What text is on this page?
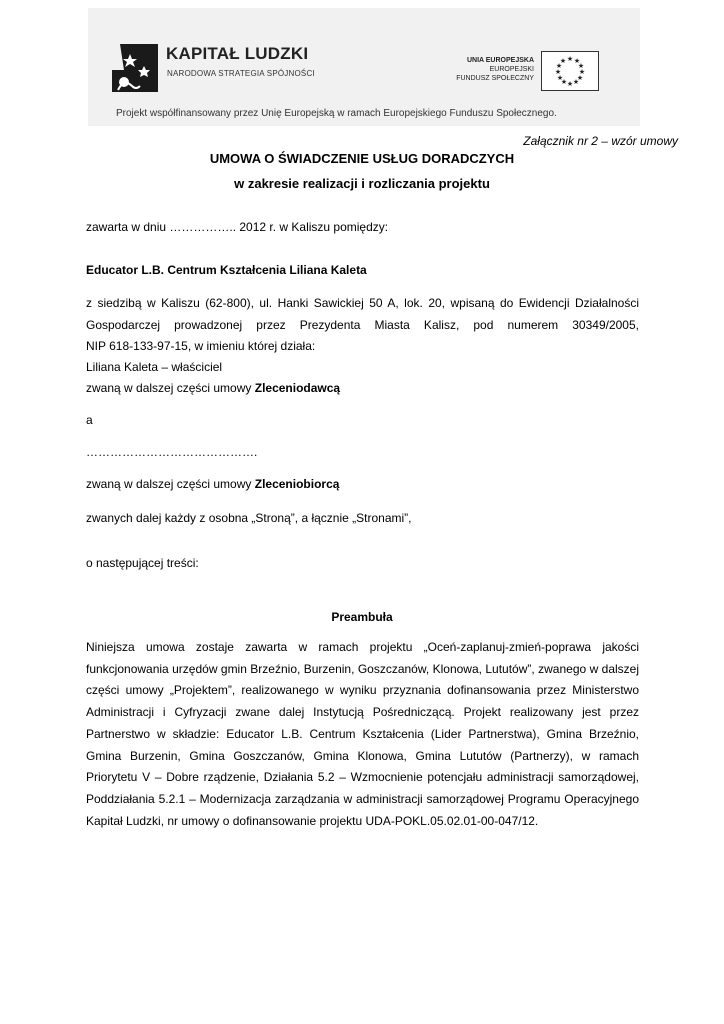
KAPITAŁ LUDZKI
NARODOWA STRATEGIA SPÓJNOŚCI
UNIA EUROPEJSKA
EUROPEJSKI
FUNDUSZ SPOŁECZNY
★ ★
★
★
★
★
★
★
★
★
★
★
Projekt współfinansowany przez Unię Europejską w ramach Europejskiego Funduszu Społecznego.
Załącznik nr 2 – wzór umowy
UMOWA O ŚWIADCZENIE USŁUG DORADCZYCH
w zakresie realizacji i rozliczania projektu
zawarta w dniu …………….. 2012 r. w Kaliszu pomiędzy:
Educator L.B. Centrum Kształcenia Liliana Kaleta
z siedzibą w Kaliszu (62-800), ul. Hanki Sawickiej 50 A, lok. 20, wpisaną do Ewidencji Działalności
Gospodarczej prowadzonej przez Prezydenta Miasta Kalisz, pod numerem 30349/2005,
NIP 618-133-97-15, w imieniu której działa:
Liliana Kaleta – właściciel
zwaną w dalszej części umowy Zleceniodawcą
a
…………………………………….
zwaną w dalszej części umowy Zleceniobiorcą
zwanych dalej każdy z osobna „Stroną”, a łącznie „Stronami”,
o następującej treści:
Preambuła

Niniejsza umowa zostaje zawarta w ramach projektu „Oceń-zaplanuj-zmień-poprawa jakości funkcjonowania urzędów gmin Brzeźnio, Burzenin, Goszczanów, Klonowa, Lututów”, zwanego w dalszej części umowy „Projektem”, realizowanego w wyniku przyznania dofinansowania przez Ministerstwo Administracji i Cyfryzacji zwane dalej Instytucją Pośredniczącą. Projekt realizowany jest przez Partnerstwo w składzie: Educator L.B. Centrum Kształcenia (Lider Partnerstwa), Gmina Brzeźnio, Gmina Burzenin, Gmina Goszczanów, Gmina Klonowa, Gmina Lututów (Partnerzy), w ramach Priorytetu V – Dobre rządzenie, Działania 5.2 – Wzmocnienie potencjału administracji samorządowej, Poddziałania 5.2.1 – Modernizacja zarządzania w administracji samorządowej Programu Operacyjnego Kapitał Ludzki, nr umowy o dofinansowanie projektu UDA-POKL.05.02.01-00-047/12.
